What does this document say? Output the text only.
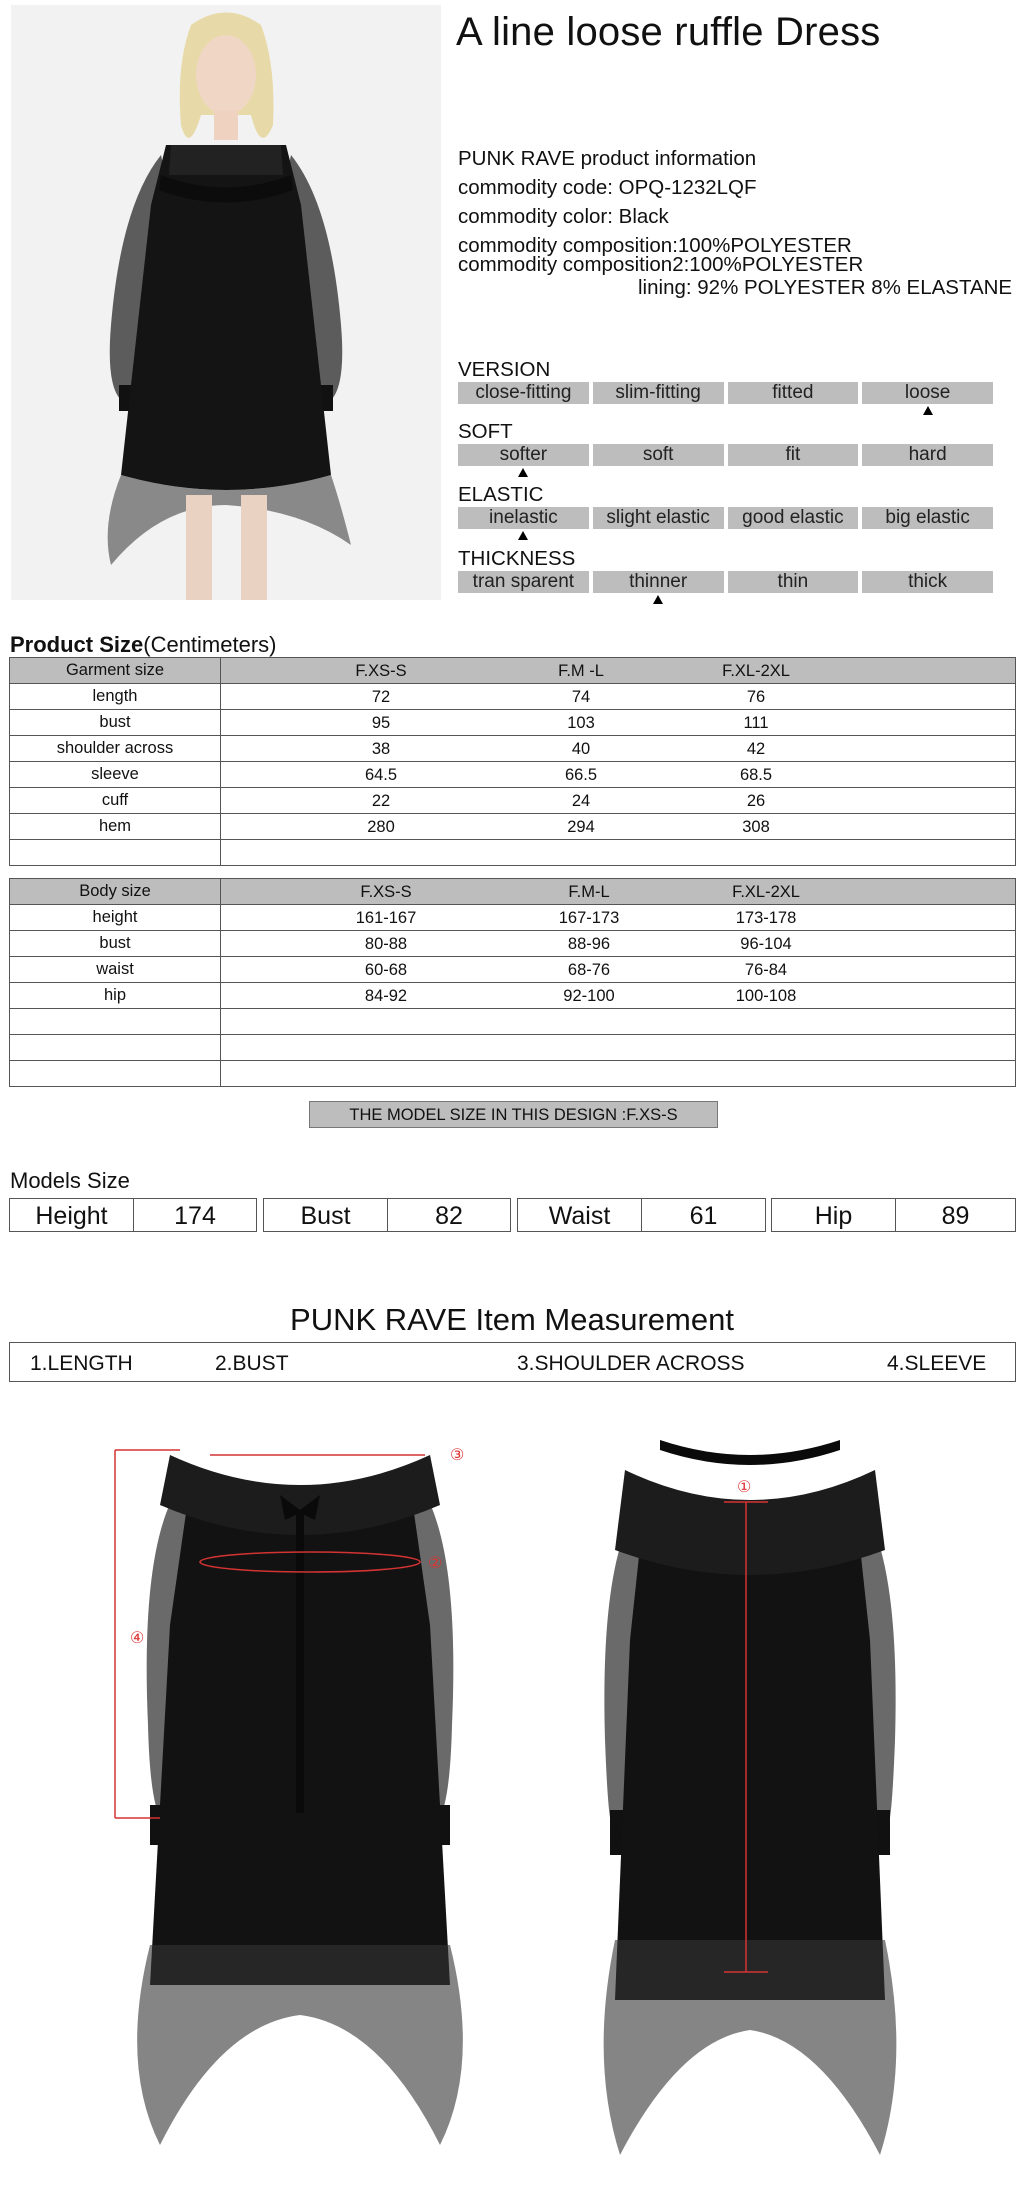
A line loose ruffle Dress
PUNK RAVE product information
commodity code: OPQ-1232LQF
commodity color: Black
commodity composition:100%POLYESTER
commodity composition2:100%POLYESTER
lining: 92% POLYESTER 8% ELASTANE
VERSION
close-fitting	slim-fitting	fitted	loose
SOFT
softer	soft	fit	hard
ELASTIC
inelastic	slight elastic	good elastic	big elastic
THICKNESS
tran sparent	thinner	thin	thick
Product Size(Centimeters)
Garment size	F.XS-S F.M -L F.XL-2XL

length	72 74 76

bust	95 103 111

shoulder across	38 40 42

sleeve	64.5 66.5 68.5

cuff	22 24 26

hem	280 294 308

Body size	F.XS-S F.M-L F.XL-2XL

height	161-167 167-173 173-178

bust	80-88 88-96 96-104

waist	60-68 68-76 76-84

hip	84-92 92-100 100-108

THE MODEL SIZE IN THIS DESIGN :F.XS-S
Models Size
Height	174	Bust	82	Waist	61	Hip	89
PUNK RAVE Item Measurement
1.LENGTH	2.BUST	3.SHOULDER ACROSS	4.SLEEVE
③
②
④
①
